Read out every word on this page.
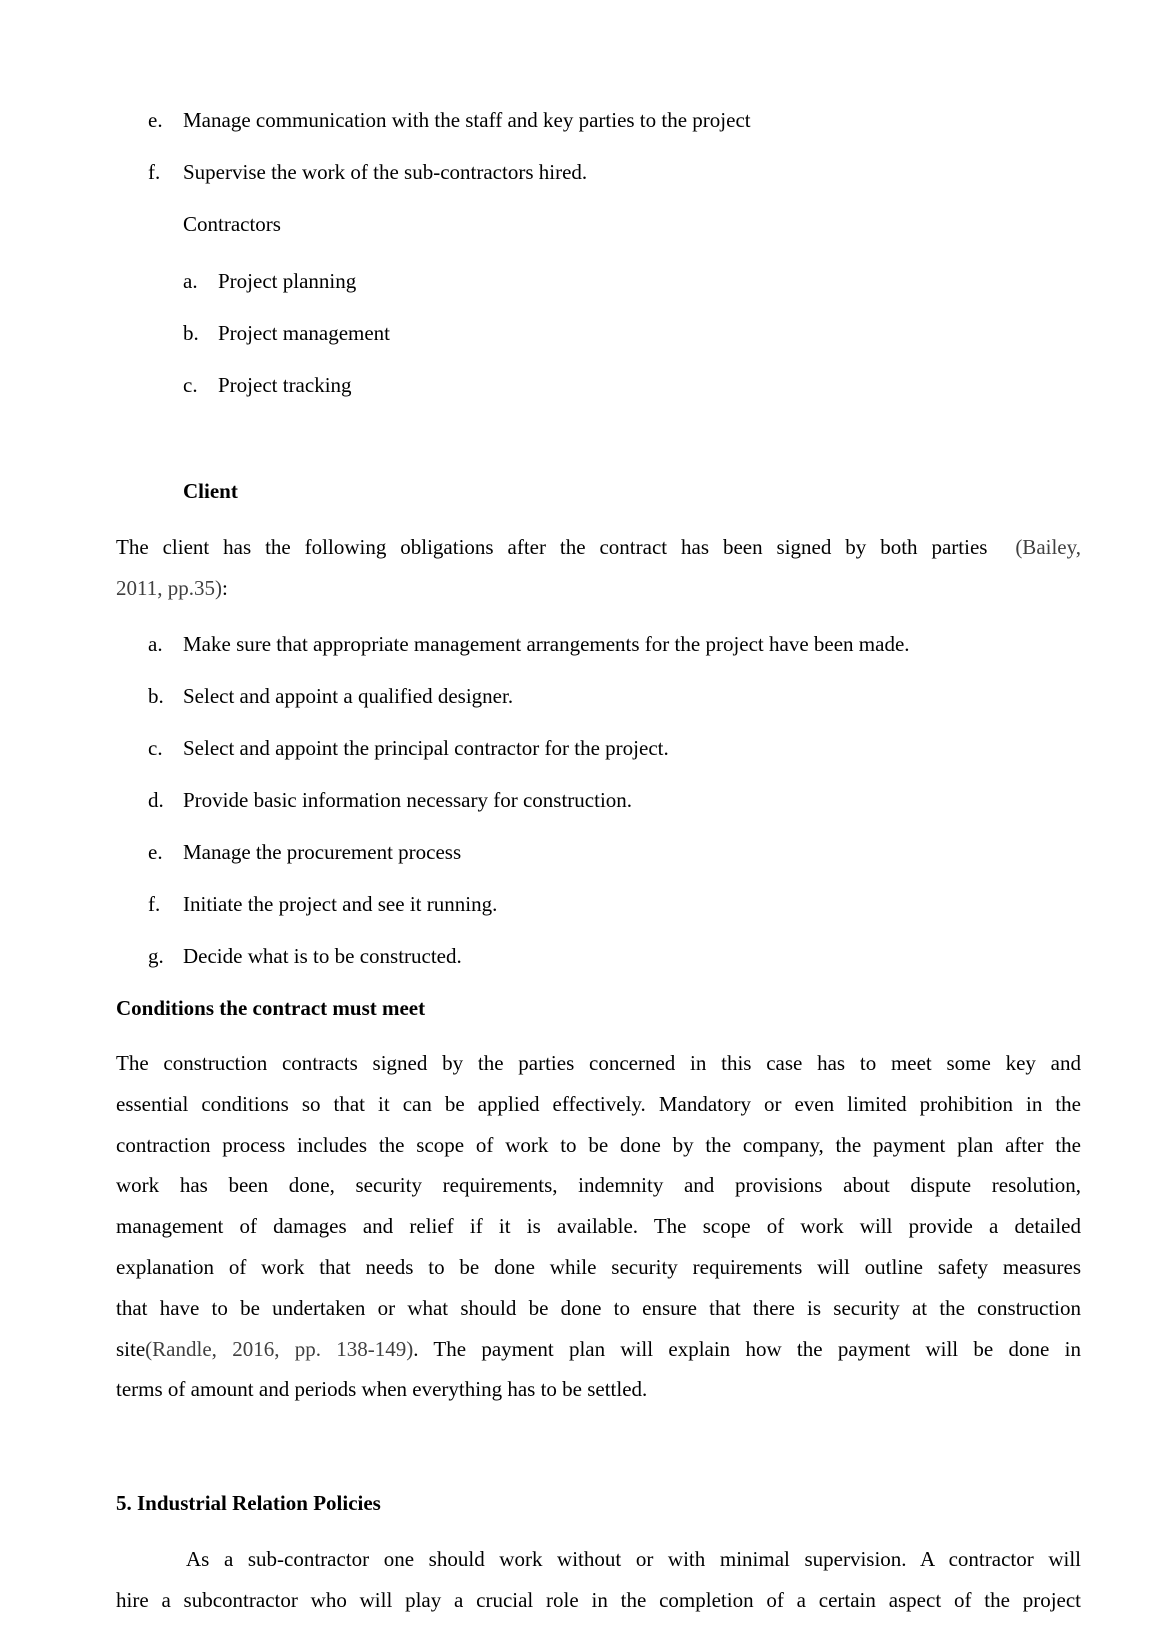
e. Manage communication with the staff and key parties to the project
f. Supervise the work of the sub-contractors hired.
Contractors
a. Project planning
b. Project management
c. Project tracking
Client
The client has the following obligations after the contract has been signed by both parties (Bailey,
2011, pp.35):
a. Make sure that appropriate management arrangements for the project have been made.
b. Select and appoint a qualified designer.
c. Select and appoint the principal contractor for the project.
d. Provide basic information necessary for construction.
e. Manage the procurement process
f. Initiate the project and see it running.
g. Decide what is to be constructed.
Conditions the contract must meet
The construction contracts signed by the parties concerned in this case has to meet some key and
essential conditions so that it can be applied effectively. Mandatory or even limited prohibition in the
contraction process includes the scope of work to be done by the company, the payment plan after the
work has been done, security requirements, indemnity and provisions about dispute resolution,
management of damages and relief if it is available. The scope of work will provide a detailed
explanation of work that needs to be done while security requirements will outline safety measures
that have to be undertaken or what should be done to ensure that there is security at the construction
site(Randle, 2016, pp. 138-149). The payment plan will explain how the payment will be done in
terms of amount and periods when everything has to be settled.
5. Industrial Relation Policies
As a sub-contractor one should work without or with minimal supervision. A contractor will
hire a subcontractor who will play a crucial role in the completion of a certain aspect of the project
